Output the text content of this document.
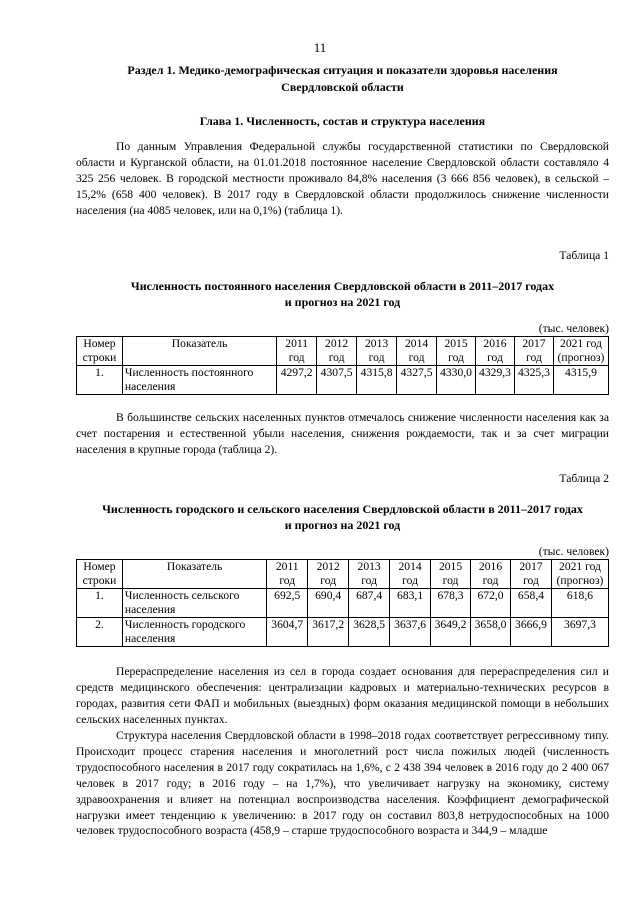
11
Раздел 1. Медико-демографическая ситуация и показатели здоровья населения
Свердловской области
Глава 1. Численность, состав и структура населения

По данным Управления Федеральной службы государственной статистики по Свердловской области и Курганской области, на 01.01.2018 постоянное население Свердловской области составляло 4 325 256 человек. В городской местности проживало 84,8% населения (3 666 856 человек), в сельской – 15,2% (658 400 человек). В 2017 году в Свердловской области продолжилось снижение численности населения (на 4085 человек, или на 0,1%) (таблица 1).

Таблица 1
Численность постоянного населения Свердловской области в 2011–2017 годах
и прогноз на 2021 год
(тыс. человек)
Номер строки	Показатель	2011 год	2012 год	2013 год	2014 год	2015 год	2016 год	2017 год	2021 год (прогноз)
1.	Численность постоянного населения	4297,2	4307,5	4315,8	4327,5	4330,0	4329,3	4325,3	4315,9

В большинстве сельских населенных пунктов отмечалось снижение численности населения как за счет постарения и естественной убыли населения, снижения рождаемости, так и за счет миграции населения в крупные города (таблица 2).

Таблица 2
Численность городского и сельского населения Свердловской области в 2011–2017 годах
и прогноз на 2021 год
(тыс. человек)
Номер строки	Показатель	2011 год	2012 год	2013 год	2014 год	2015 год	2016 год	2017 год	2021 год (прогноз)
1.	Численность сельского населения	692,5	690,4	687,4	683,1	678,3	672,0	658,4	618,6
2.	Численность городского населения	3604,7	3617,2	3628,5	3637,6	3649,2	3658,0	3666,9	3697,3

Перераспределение населения из сел в города создает основания для перераспределения сил и средств медицинского обеспечения: централизации кадровых и материально-технических ресурсов в городах, развития сети ФАП и мобильных (выездных) форм оказания медицинской помощи в небольших сельских населенных пунктах.

Структура населения Свердловской области в 1998–2018 годах соответствует регрессивному типу. Происходит процесс старения населения и многолетний рост числа пожилых людей (численность трудоспособного населения в 2017 году сократилась на 1,6%, с 2 438 394 человек в 2016 году до 2 400 067 человек в 2017 году; в 2016 году – на 1,7%), что увеличивает нагрузку на экономику, систему здравоохранения и влияет на потенциал воспроизводства населения. Коэффициент демографической нагрузки имеет тенденцию к увеличению: в 2017 году он составил 803,8 нетрудоспособных на 1000 человек трудоспособного возраста (458,9 – старше трудоспособного возраста и 344,9 – младше
